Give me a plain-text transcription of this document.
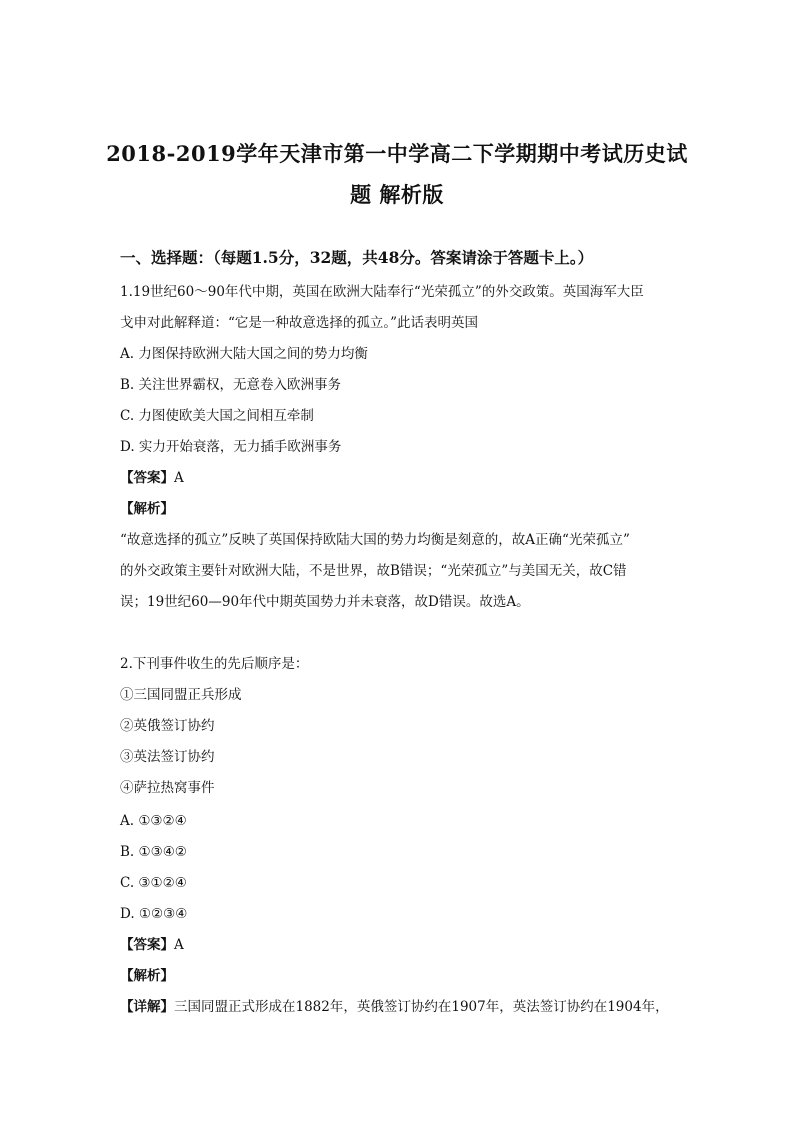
2018-2019学年天津市第一中学高二下学期期中考试历史试
题 解析版
一、选择题：（每题1.5分，32题，共48分。答案请涂于答题卡上。）
1.19世纪60～90年代中期，英国在欧洲大陆奉行“光荣孤立”的外交政策。英国海军大臣
戈申对此解释道：“它是一种故意选择的孤立。”此话表明英国
A. 力图保持欧洲大陆大国之间的势力均衡
B. 关注世界霸权，无意卷入欧洲事务
C. 力图使欧美大国之间相互牵制
D. 实力开始衰落，无力插手欧洲事务
【答案】A
【解析】
“故意选择的孤立”反映了英国保持欧陆大国的势力均衡是刻意的，故A正确“光荣孤立”
的外交政策主要针对欧洲大陆，不是世界，故B错误；“光荣孤立”与美国无关，故C错
误；19世纪60—90年代中期英国势力并未衰落，故D错误。故选A。
2.下刊事件收生的先后顺序是：
①三国同盟正兵形成
②英俄签订协约
③英法签订协约
④萨拉热窝事件
A. ①③②④
B. ①③④②
C. ③①②④
D. ①②③④
【答案】A
【解析】
【详解】三国同盟正式形成在1882年，英俄签订协约在1907年，英法签订协约在1904年，
